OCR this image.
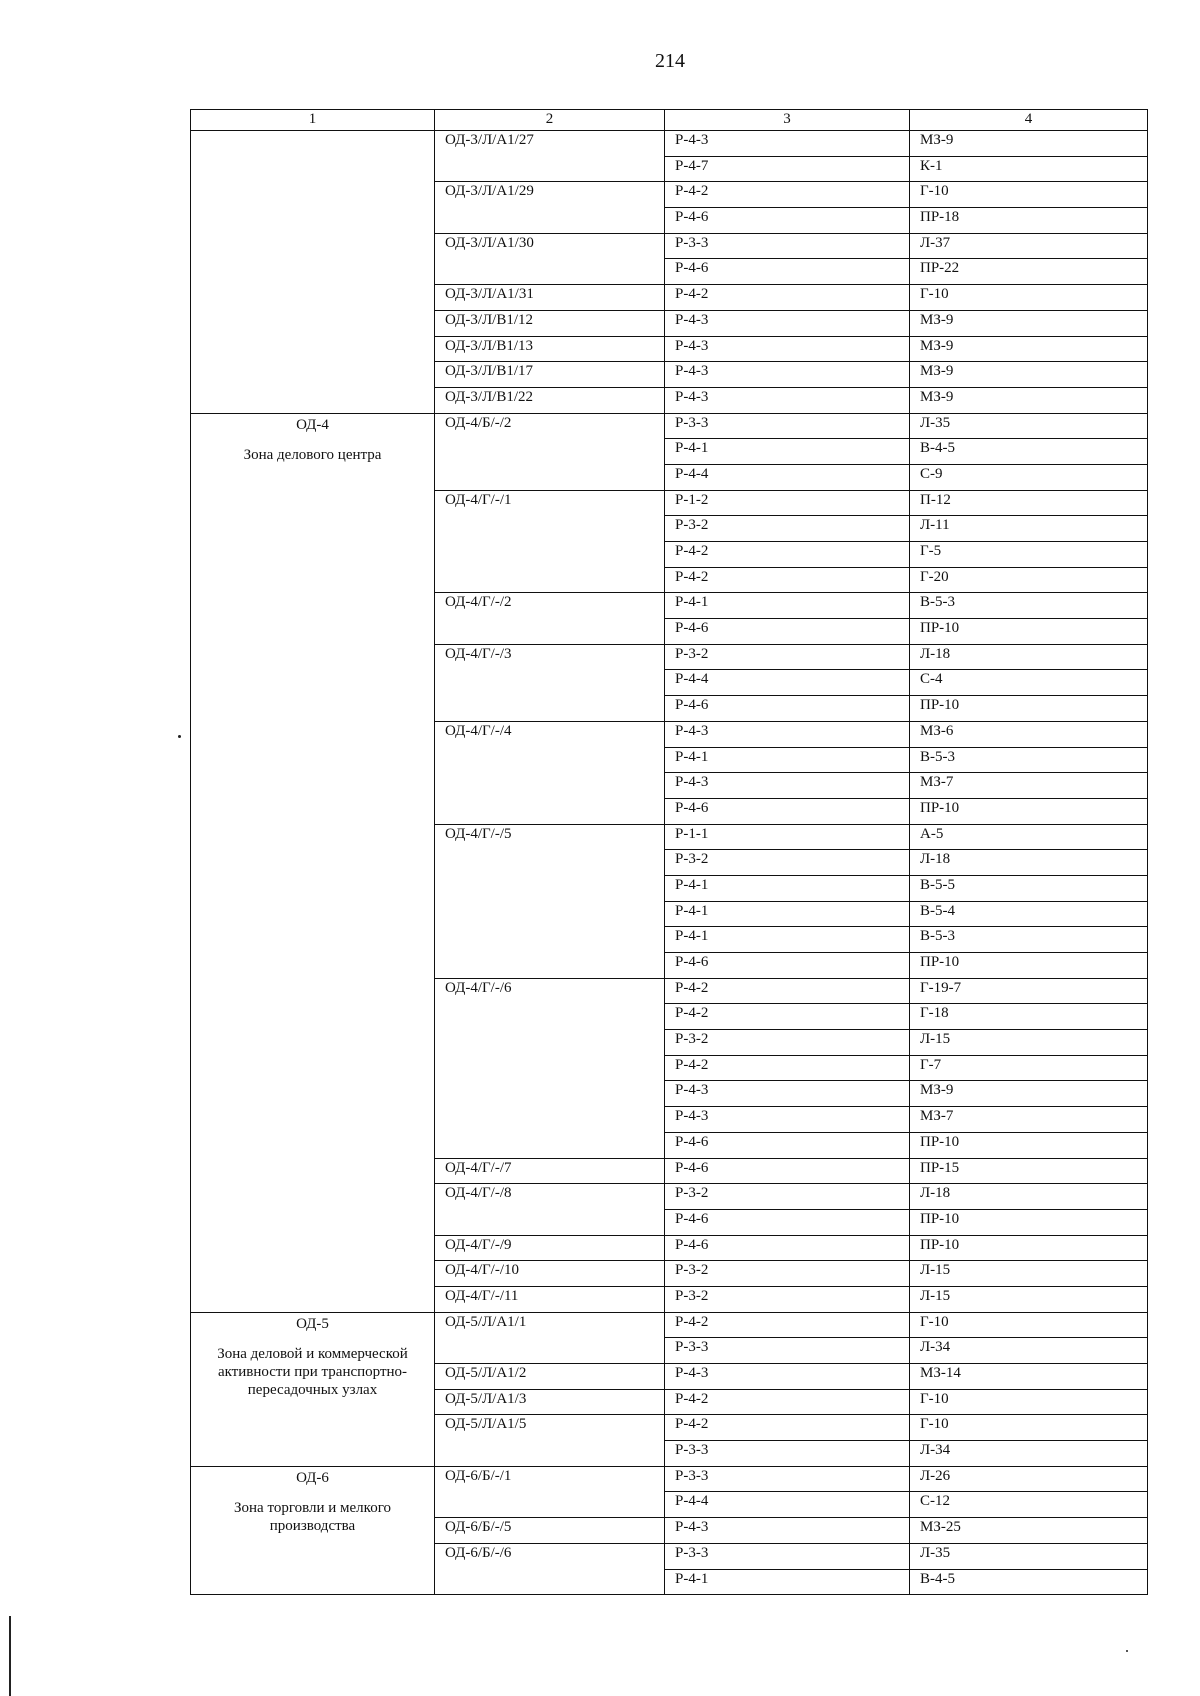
214
1	2	3	4

	ОД-3/Л/А1/27	Р-4-3	МЗ-9
		Р-4-7	К-1
	ОД-3/Л/А1/29	Р-4-2	Г-10
		Р-4-6	ПР-18
	ОД-3/Л/А1/30	Р-3-3	Л-37
		Р-4-6	ПР-22
	ОД-3/Л/А1/31	Р-4-2	Г-10
	ОД-3/Л/В1/12	Р-4-3	МЗ-9
	ОД-3/Л/В1/13	Р-4-3	МЗ-9
	ОД-3/Л/В1/17	Р-4-3	МЗ-9
	ОД-3/Л/В1/22	Р-4-3	МЗ-9

ОД-4
Зона делового центра	ОД-4/Б/-/2	Р-3-3	Л-35
		Р-4-1	В-4-5
		Р-4-4	С-9
	ОД-4/Г/-/1	Р-1-2	П-12
		Р-3-2	Л-11
		Р-4-2	Г-5
		Р-4-2	Г-20
	ОД-4/Г/-/2	Р-4-1	В-5-3
		Р-4-6	ПР-10
	ОД-4/Г/-/3	Р-3-2	Л-18
		Р-4-4	С-4
		Р-4-6	ПР-10
	ОД-4/Г/-/4	Р-4-3	МЗ-6
		Р-4-1	В-5-3
		Р-4-3	МЗ-7
		Р-4-6	ПР-10
	ОД-4/Г/-/5	Р-1-1	А-5
		Р-3-2	Л-18
		Р-4-1	В-5-5
		Р-4-1	В-5-4
		Р-4-1	В-5-3
		Р-4-6	ПР-10
	ОД-4/Г/-/6	Р-4-2	Г-19-7
		Р-4-2	Г-18
		Р-3-2	Л-15
		Р-4-2	Г-7
		Р-4-3	МЗ-9
		Р-4-3	МЗ-7
		Р-4-6	ПР-10
	ОД-4/Г/-/7	Р-4-6	ПР-15
	ОД-4/Г/-/8	Р-3-2	Л-18
		Р-4-6	ПР-10
	ОД-4/Г/-/9	Р-4-6	ПР-10
	ОД-4/Г/-/10	Р-3-2	Л-15
	ОД-4/Г/-/11	Р-3-2	Л-15

ОД-5
Зона деловой и коммерческой активности при транспортно-пересадочных узлах	ОД-5/Л/А1/1	Р-4-2	Г-10
		Р-3-3	Л-34
	ОД-5/Л/А1/2	Р-4-3	МЗ-14
	ОД-5/Л/А1/3	Р-4-2	Г-10
	ОД-5/Л/А1/5	Р-4-2	Г-10
		Р-3-3	Л-34

ОД-6
Зона торговли и мелкого производства	ОД-6/Б/-/1	Р-3-3	Л-26
		Р-4-4	С-12
	ОД-6/Б/-/5	Р-4-3	МЗ-25
	ОД-6/Б/-/6	Р-3-3	Л-35
		Р-4-1	В-4-5
